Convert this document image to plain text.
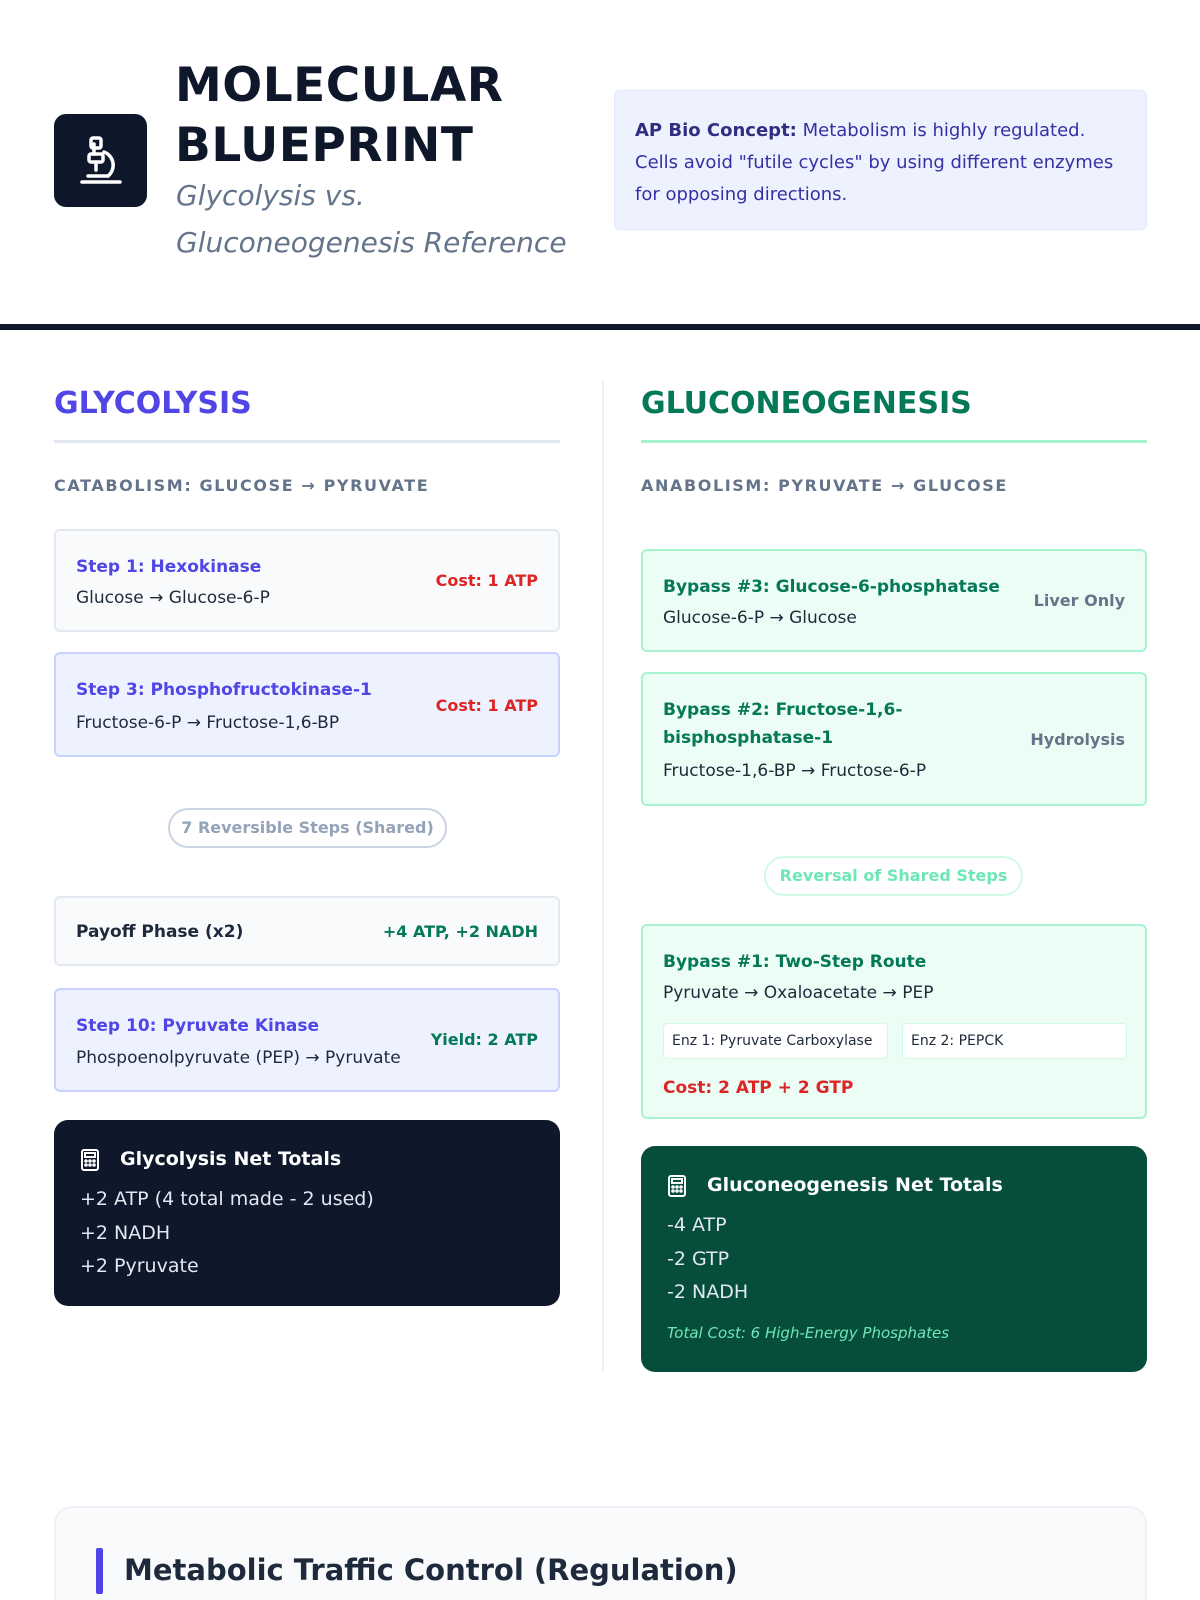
MOLECULAR BLUEPRINT
Glycolysis vs. Gluconeogenesis Reference
AP Bio Concept: Metabolism is highly regulated. Cells avoid "futile cycles" by using different enzymes for opposing directions.
GLYCOLYSIS
CATABOLISM: GLUCOSE → PYRUVATE
Step 1: Hexokinase
Glucose → Glucose-6-P
Cost: 1 ATP
Step 3: Phosphofructokinase-1
Fructose-6-P → Fructose-1,6-BP
Cost: 1 ATP
7 Reversible Steps (Shared)
Payoff Phase (x2)	+4 ATP, +2 NADH
Step 10: Pyruvate Kinase
Phospoenolpyruvate (PEP) → Pyruvate
Yield: 2 ATP
Glycolysis Net Totals
+2 ATP (4 total made - 2 used)
+2 NADH
+2 Pyruvate
GLUCONEOGENESIS
ANABOLISM: PYRUVATE → GLUCOSE
Bypass #3: Glucose-6-phosphatase
Glucose-6-P → Glucose
Liver Only
Bypass #2: Fructose-1,6-bisphosphatase-1
Fructose-1,6-BP → Fructose-6-P
Hydrolysis
Reversal of Shared Steps
Bypass #1: Two-Step Route
Pyruvate → Oxaloacetate → PEP
Enz 1: Pyruvate Carboxylase	Enz 2: PEPCK
Cost: 2 ATP + 2 GTP
Gluconeogenesis Net Totals
-4 ATP
-2 GTP
-2 NADH
Total Cost: 6 High-Energy Phosphates
Metabolic Traffic Control (Regulation)
